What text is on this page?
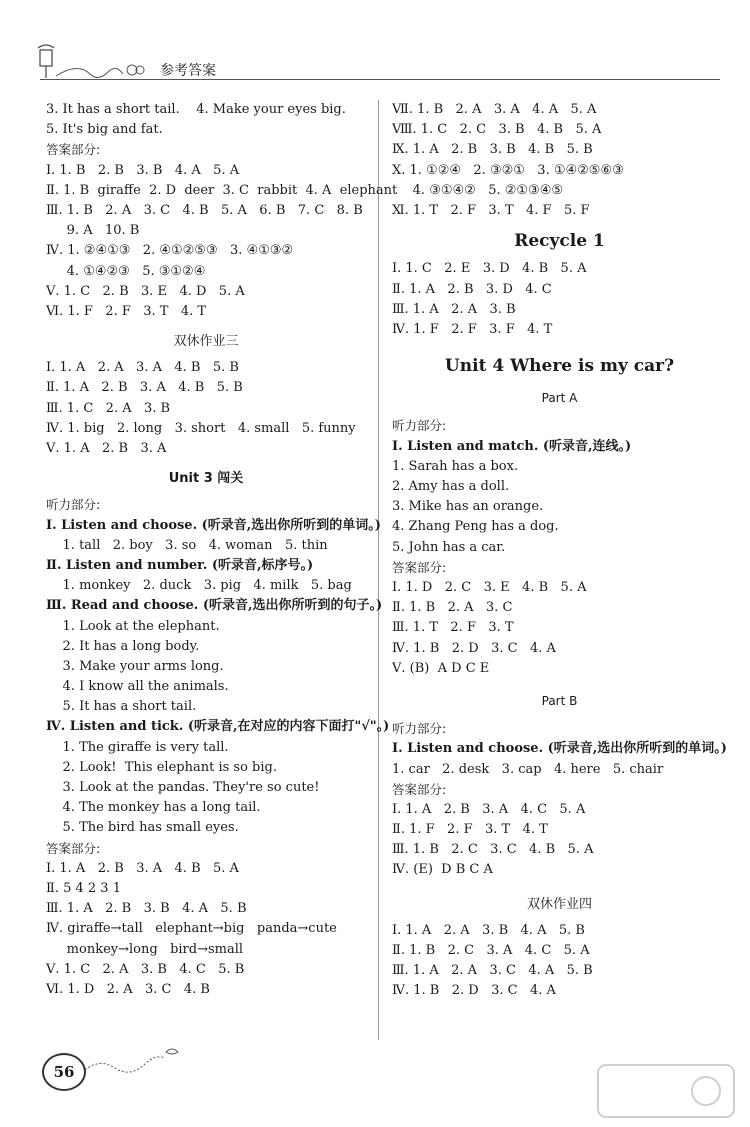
参考答案
3. It has a short tail.    4. Make your eyes big.
5. It's big and fat.
答案部分:
Ⅰ. 1. B   2. B   3. B   4. A   5. A
Ⅱ. 1. B  giraffe  2. D  deer  3. C  rabbit  4. A  elephant
Ⅲ. 1. B   2. A   3. C   4. B   5. A   6. B   7. C   8. B
9. A   10. B
Ⅳ. 1. ②④①③   2. ④①②⑤③   3. ④①③②
4. ①④②③   5. ③①②④
Ⅴ. 1. C   2. B   3. E   4. D   5. A
Ⅵ. 1. F   2. F   3. T   4. T
双休作业三
Ⅰ. 1. A   2. A   3. A   4. B   5. B
Ⅱ. 1. A   2. B   3. A   4. B   5. B
Ⅲ. 1. C   2. A   3. B
Ⅳ. 1. big   2. long   3. short   4. small   5. funny
Ⅴ. 1. A   2. B   3. A
Unit 3 闯关
听力部分:
Ⅰ. Listen and choose. (听录音,选出你所听到的单词。)
1. tall   2. boy   3. so   4. woman   5. thin
Ⅱ. Listen and number. (听录音,标序号。)
1. monkey   2. duck   3. pig   4. milk   5. bag
Ⅲ. Read and choose. (听录音,选出你所听到的句子。)
1. Look at the elephant.
2. It has a long body.
3. Make your arms long.
4. I know all the animals.
5. It has a short tail.
Ⅳ. Listen and tick. (听录音,在对应的内容下面打"√"。)
1. The giraffe is very tall.
2. Look!  This elephant is so big.
3. Look at the pandas. They're so cute!
4. The monkey has a long tail.
5. The bird has small eyes.
答案部分:
Ⅰ. 1. A   2. B   3. A   4. B   5. A
Ⅱ. 5 4 2 3 1
Ⅲ. 1. A   2. B   3. B   4. A   5. B
Ⅳ. giraffe→tall   elephant→big   panda→cute
monkey→long   bird→small
Ⅴ. 1. C   2. A   3. B   4. C   5. B
Ⅵ. 1. D   2. A   3. C   4. B
Ⅶ. 1. B   2. A   3. A   4. A   5. A
Ⅷ. 1. C   2. C   3. B   4. B   5. A
Ⅸ. 1. A   2. B   3. B   4. B   5. B
Ⅹ. 1. ①②④   2. ③②①   3. ①④②⑤⑥③
4. ③①④②   5. ②①③④⑤
Ⅺ. 1. T   2. F   3. T   4. F   5. F
Recycle 1
Ⅰ. 1. C   2. E   3. D   4. B   5. A
Ⅱ. 1. A   2. B   3. D   4. C
Ⅲ. 1. A   2. A   3. B
Ⅳ. 1. F   2. F   3. F   4. T
Unit 4 Where is my car?
Part A
听力部分:
Ⅰ. Listen and match. (听录音,连线。)
1. Sarah has a box.
2. Amy has a doll.
3. Mike has an orange.
4. Zhang Peng has a dog.
5. John has a car.
答案部分:
Ⅰ. 1. D   2. C   3. E   4. B   5. A
Ⅱ. 1. B   2. A   3. C
Ⅲ. 1. T   2. F   3. T
Ⅳ. 1. B   2. D   3. C   4. A
Ⅴ. (B)  A D C E
Part B
听力部分:
Ⅰ. Listen and choose. (听录音,选出你所听到的单词。)
1. car   2. desk   3. cap   4. here   5. chair
答案部分:
Ⅰ. 1. A   2. B   3. A   4. C   5. A
Ⅱ. 1. F   2. F   3. T   4. T
Ⅲ. 1. B   2. C   3. C   4. B   5. A
Ⅳ. (E)  D B C A
双休作业四
Ⅰ. 1. A   2. A   3. B   4. A   5. B
Ⅱ. 1. B   2. C   3. A   4. C   5. A
Ⅲ. 1. A   2. A   3. C   4. A   5. B
Ⅳ. 1. B   2. D   3. C   4. A
56
